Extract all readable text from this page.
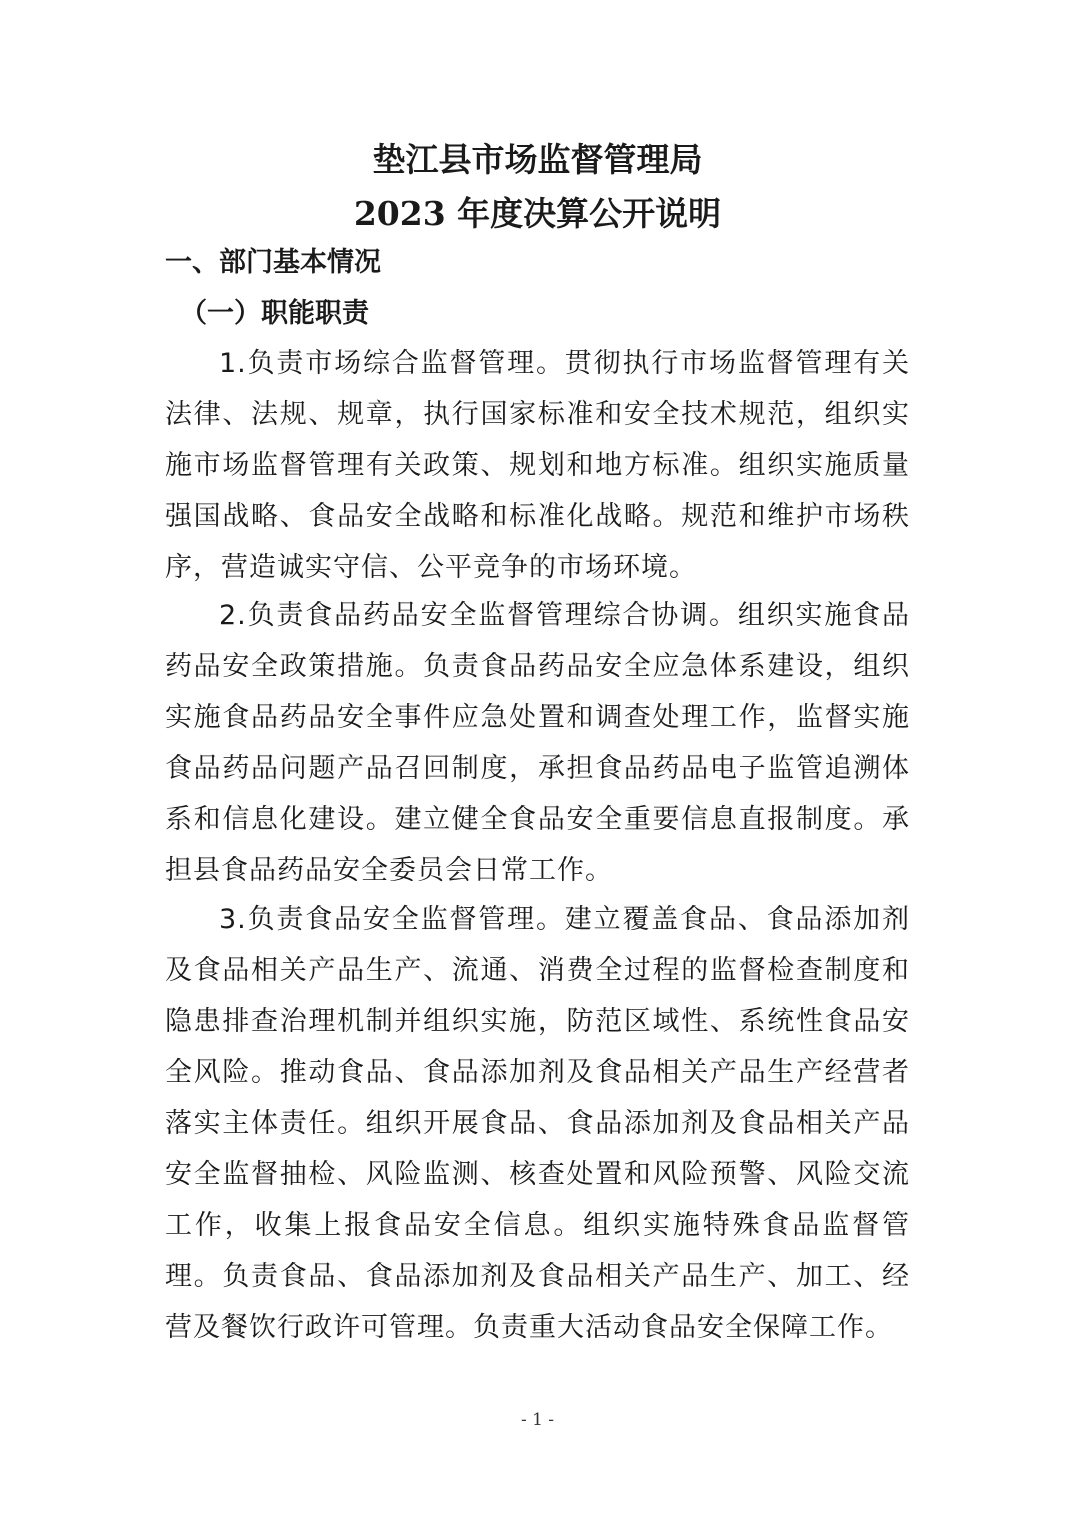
垫江县市场监督管理局
2023 年度决算公开说明
一、部门基本情况
（一）职能职责

1.负责市场综合监督管理。贯彻执行市场监督管理有关法律、法规、规章，执行国家标准和安全技术规范，组织实施市场监督管理有关政策、规划和地方标准。组织实施质量强国战略、食品安全战略和标准化战略。规范和维护市场秩序，营造诚实守信、公平竞争的市场环境。

2.负责食品药品安全监督管理综合协调。组织实施食品药品安全政策措施。负责食品药品安全应急体系建设，组织实施食品药品安全事件应急处置和调查处理工作，监督实施食品药品问题产品召回制度，承担食品药品电子监管追溯体系和信息化建设。建立健全食品安全重要信息直报制度。承担县食品药品安全委员会日常工作。

3.负责食品安全监督管理。建立覆盖食品、食品添加剂及食品相关产品生产、流通、消费全过程的监督检查制度和隐患排查治理机制并组织实施，防范区域性、系统性食品安全风险。推动食品、食品添加剂及食品相关产品生产经营者落实主体责任。组织开展食品、食品添加剂及食品相关产品安全监督抽检、风险监测、核查处置和风险预警、风险交流工作，收集上报食品安全信息。组织实施特殊食品监督管理。负责食品、食品添加剂及食品相关产品生产、加工、经营及餐饮行政许可管理。负责重大活动食品安全保障工作。

- 1 -
